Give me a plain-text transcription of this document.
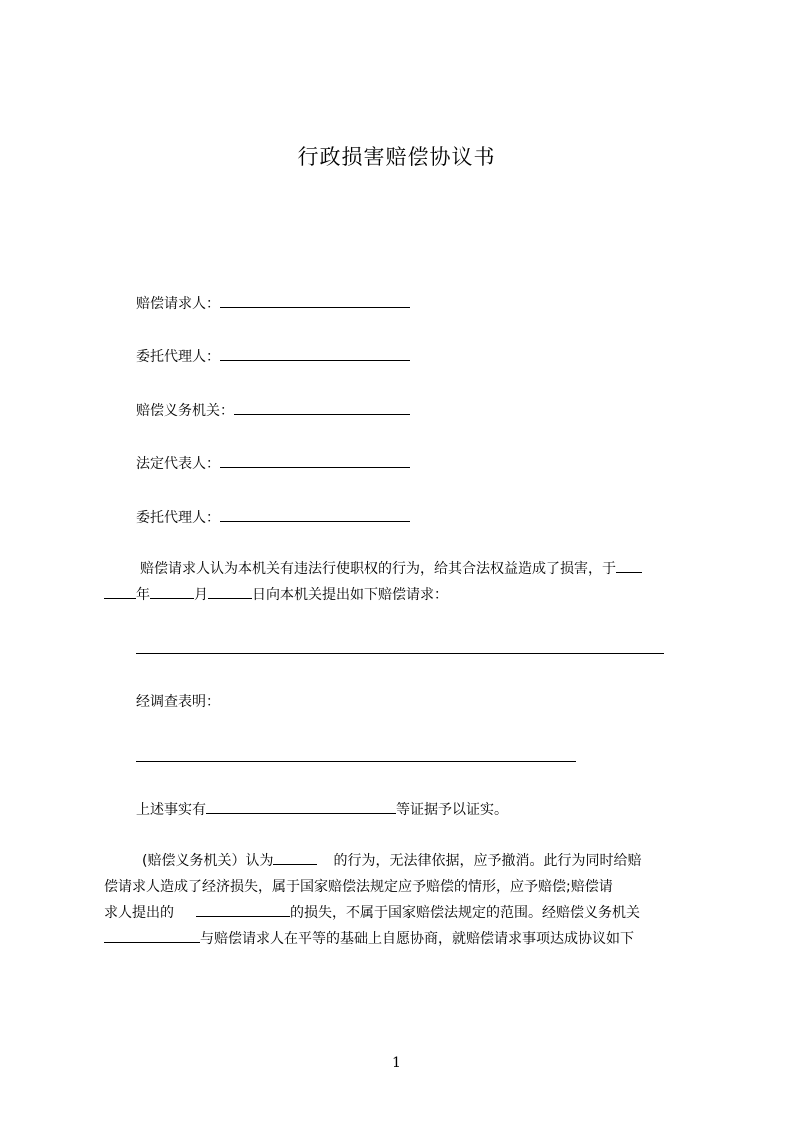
行政损害赔偿协议书
赔偿请求人：
委托代理人：
赔偿义务机关：
法定代表人：
委托代理人：
赔偿请求人认为本机关有违法行使职权的行为，给其合法权益造成了损害，于
年	月	日向本机关提出如下赔偿请求：
经调查表明：
上述事实有	等证据予以证实。
(赔偿义务机关）认为	的行为，无法律依据，应予撤消。此行为同时给赔
偿请求人造成了经济损失，属于国家赔偿法规定应予赔偿的情形，应予赔偿;赔偿请
求人提出的	的损失，不属于国家赔偿法规定的范围。经赔偿义务机关
与赔偿请求人在平等的基础上自愿协商，就赔偿请求事项达成协议如下
1
